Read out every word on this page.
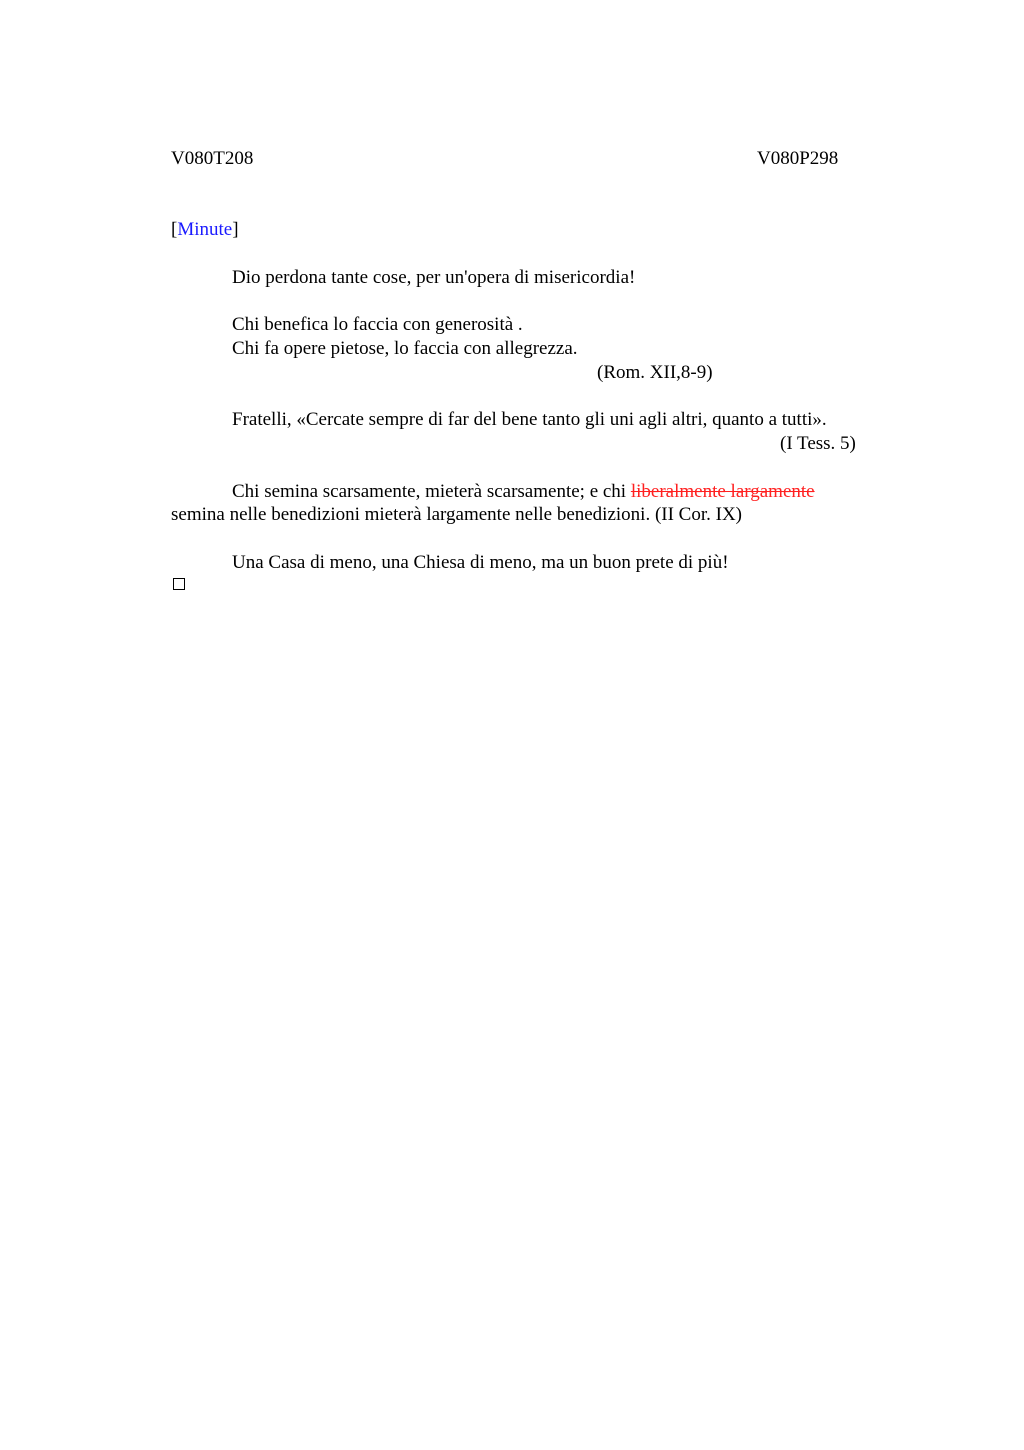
V080T208	V080P298
[Minute]
Dio perdona tante cose, per un'opera di misericordia!
Chi benefica lo faccia con generosità .
Chi fa opere pietose, lo faccia con allegrezza.
(Rom. XII,8-9)
Fratelli, «Cercate sempre di far del bene tanto gli uni agli altri, quanto a tutti».
(I Tess. 5)
Chi semina scarsamente, mieterà scarsamente; e chi liberalmente largamente
semina nelle benedizioni mieterà largamente nelle benedizioni. (II Cor. IX)
Una Casa di meno, una Chiesa di meno, ma un buon prete di più!
